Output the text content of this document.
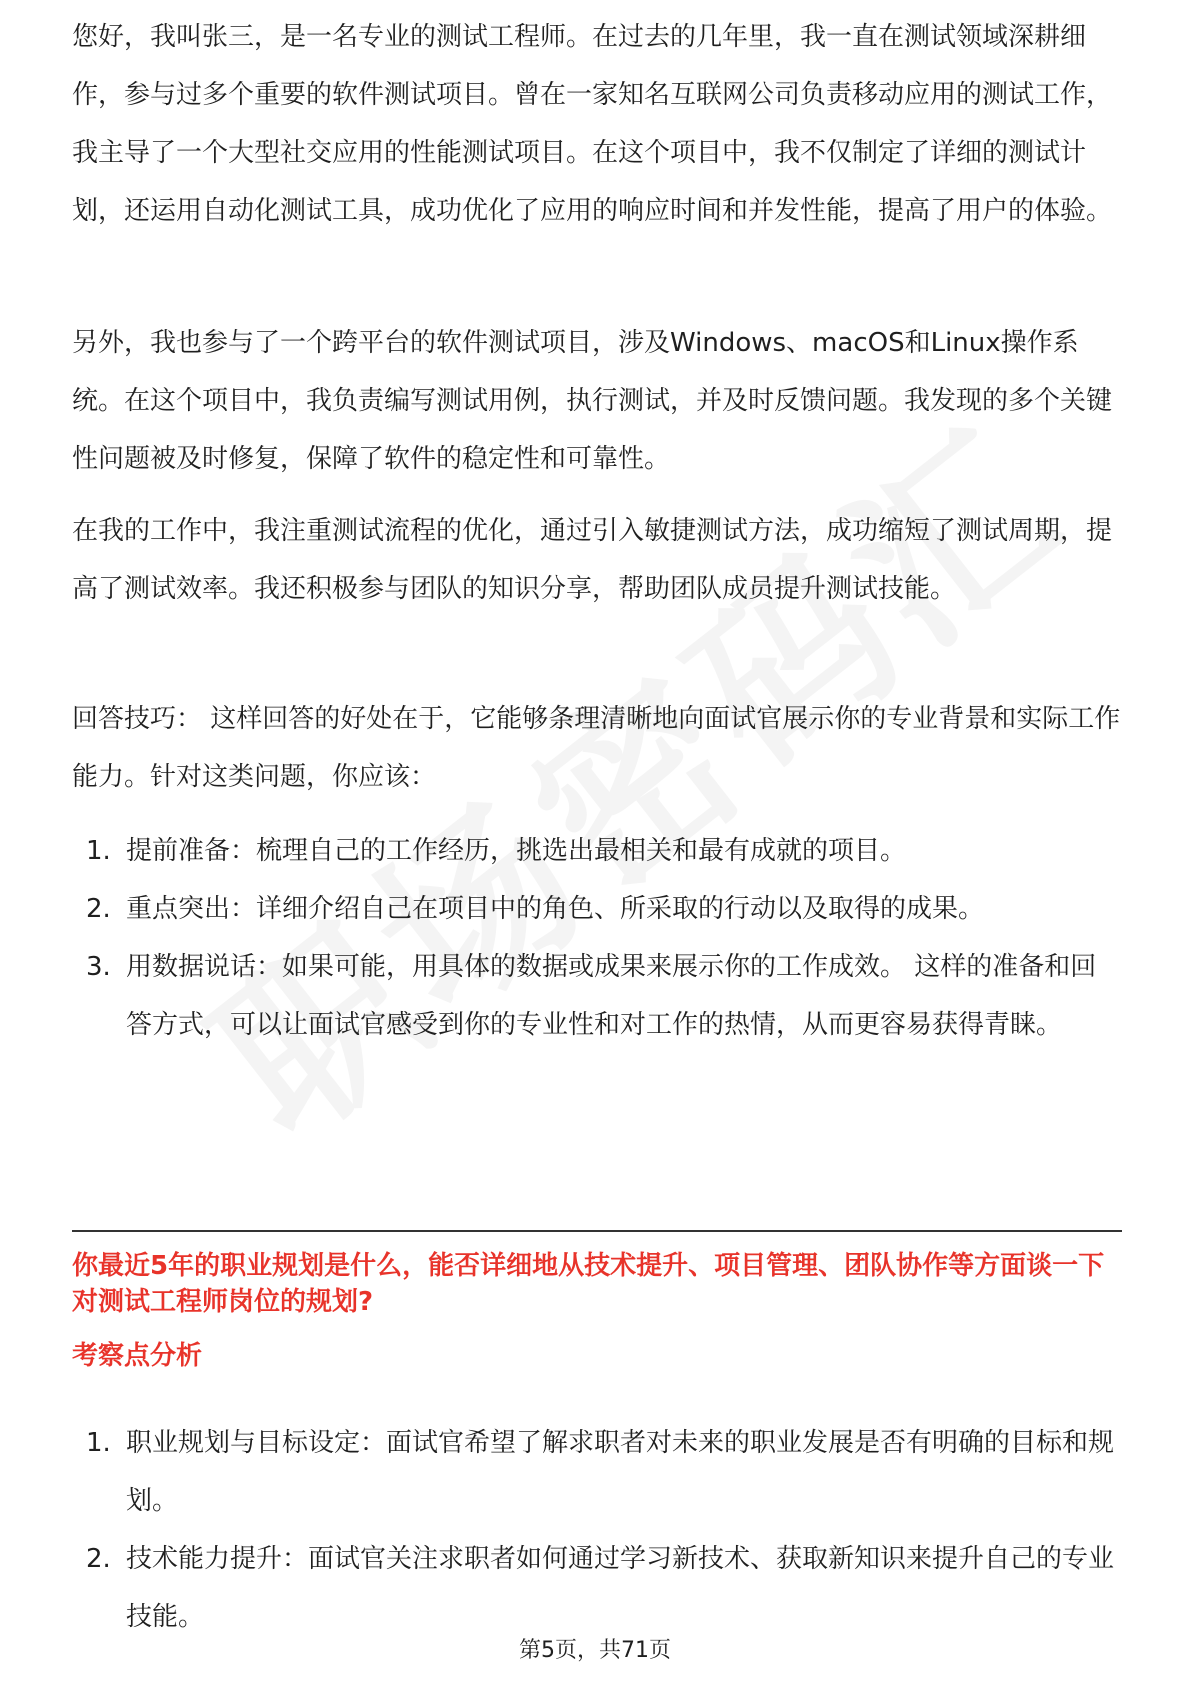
您好，我叫张三，是一名专业的测试工程师。在过去的几年里，我一直在测试领域深耕细作，参与过多个重要的软件测试项目。曾在一家知名互联网公司负责移动应用的测试工作，我主导了一个大型社交应用的性能测试项目。在这个项目中，我不仅制定了详细的测试计划，还运用自动化测试工具，成功优化了应用的响应时间和并发性能，提高了用户的体验。

另外，我也参与了一个跨平台的软件测试项目，涉及Windows、macOS和Linux操作系统。在这个项目中，我负责编写测试用例，执行测试，并及时反馈问题。我发现的多个关键性问题被及时修复，保障了软件的稳定性和可靠性。

在我的工作中，我注重测试流程的优化，通过引入敏捷测试方法，成功缩短了测试周期，提高了测试效率。我还积极参与团队的知识分享，帮助团队成员提升测试技能。

回答技巧： 这样回答的好处在于，它能够条理清晰地向面试官展示你的专业背景和实际工作能力。针对这类问题，你应该：

1. 提前准备：梳理自己的工作经历，挑选出最相关和最有成就的项目。
2. 重点突出：详细介绍自己在项目中的角色、所采取的行动以及取得的成果。
3. 用数据说话：如果可能，用具体的数据或成果来展示你的工作成效。 这样的准备和回答方式，可以让面试官感受到你的专业性和对工作的热情，从而更容易获得青睐。

你最近5年的职业规划是什么，能否详细地从技术提升、项目管理、团队协作等方面谈一下对测试工程师岗位的规划?

考察点分析

1. 职业规划与目标设定：面试官希望了解求职者对未来的职业发展是否有明确的目标和规划。
2. 技术能力提升：面试官关注求职者如何通过学习新技术、获取新知识来提升自己的专业技能。
第5页，共71页
